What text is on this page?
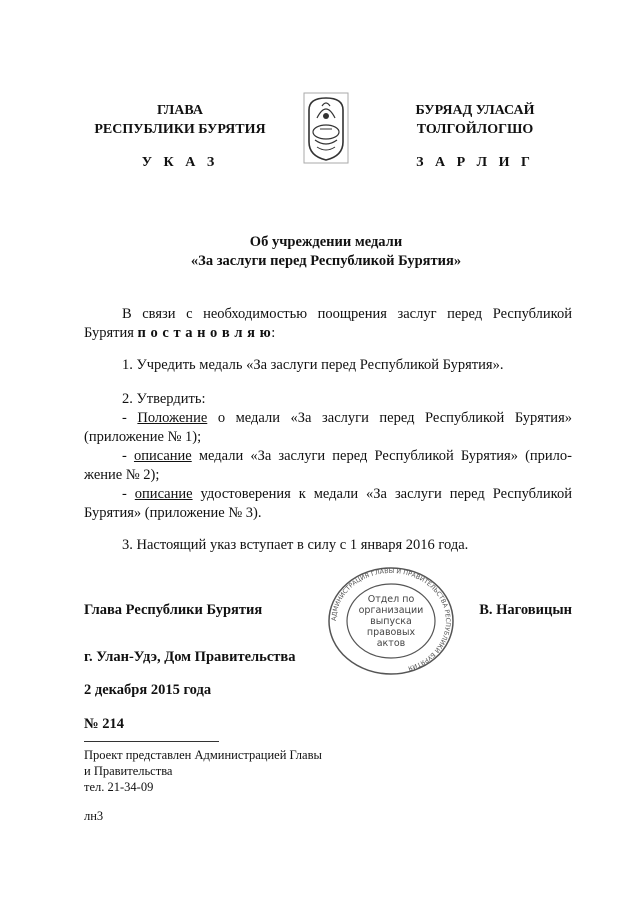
ГЛАВА
РЕСПУБЛИКИ БУРЯТИЯ
У К А З
БУРЯАД УЛАСАЙ
ТОЛГОЙЛОГШО
З А Р Л И Г
Об учреждении медали
«За заслуги перед Республикой Бурятия»
В связи с необходимостью поощрения заслуг перед Республикой
Бурятия п о с т а н о в л я ю:
1. Учредить медаль «За заслуги перед Республикой Бурятия».
2. Утвердить:
- Положение о медали «За заслуги перед Республикой Бурятия»
(приложение № 1);
- описание медали «За заслуги перед Республикой Бурятия» (прило-
жение № 2);
- описание удостоверения к медали «За заслуги перед Республикой
Бурятия» (приложение № 3).
3. Настоящий указ вступает в силу с 1 января 2016 года.
Глава Республики Бурятия	В. Наговицын
АДМИНИСТРАЦИЯ ГЛАВЫ И ПРАВИТЕЛЬСТВА РЕСПУБЛИКИ БУРЯТИЯ
Отдел по
организации
выпуска
правовых
актов
г. Улан-Удэ, Дом Правительства
2 декабря 2015 года
№ 214
Проект представлен Администрацией Главы
и Правительства
тел. 21-34-09
лн3
